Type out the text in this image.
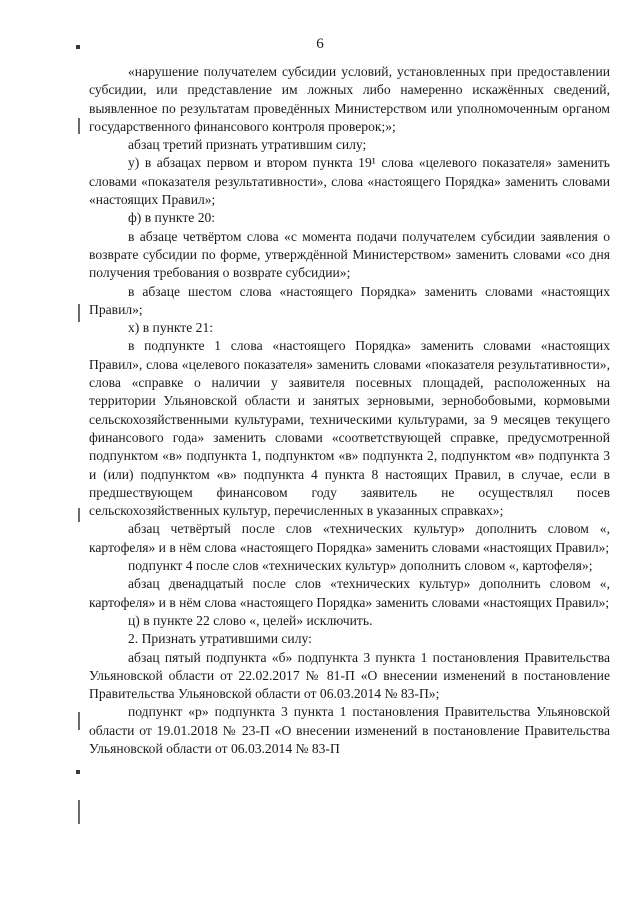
6

«нарушение получателем субсидии условий, установленных при предоставлении субсидии, или представление им ложных либо намеренно искажённых сведений, выявленное по результатам проведённых Министерством или уполномоченным органом государственного финансового контроля проверок;»;

абзац третий признать утратившим силу;

у) в абзацах первом и втором пункта 19¹ слова «целевого показателя» заменить словами «показателя результативности», слова «настоящего Порядка» заменить словами «настоящих Правил»;

ф) в пункте 20:

в абзаце четвёртом слова «с момента подачи получателем субсидии заявления о возврате субсидии по форме, утверждённой Министерством» заменить словами «со дня получения требования о возврате субсидии»;

в абзаце шестом слова «настоящего Порядка» заменить словами «настоящих Правил»;

х) в пункте 21:

в подпункте 1 слова «настоящего Порядка» заменить словами «настоящих Правил», слова «целевого показателя» заменить словами «показателя результативности», слова «справке о наличии у заявителя посевных площадей, расположенных на территории Ульяновской области и занятых зерновыми, зернобобовыми, кормовыми сельскохозяйственными культурами, техническими культурами, за 9 месяцев текущего финансового года» заменить словами «соответствующей справке, предусмотренной подпунктом «в» подпункта 1, подпунктом «в» подпункта 2, подпунктом «в» подпункта 3 и (или) подпунктом «в» подпункта 4 пункта 8 настоящих Правил, в случае, если в предшествующем финансовом году заявитель не осуществлял посев сельскохозяйственных культур, перечисленных в указанных справках»;

абзац четвёртый после слов «технических культур» дополнить словом «, картофеля» и в нём слова «настоящего Порядка» заменить словами «настоящих Правил»;

подпункт 4 после слов «технических культур» дополнить словом «, картофеля»;

абзац двенадцатый после слов «технических культур» дополнить словом «, картофеля» и в нём слова «настоящего Порядка» заменить словами «настоящих Правил»;

ц) в пункте 22 слово «, целей» исключить.

2. Признать утратившими силу:

абзац пятый подпункта «б» подпункта 3 пункта 1 постановления Правительства Ульяновской области от 22.02.2017 № 81-П «О внесении изменений в постановление Правительства Ульяновской области от 06.03.2014 № 83-П»;

подпункт «р» подпункта 3 пункта 1 постановления Правительства Ульяновской области от 19.01.2018 № 23-П «О внесении изменений в постановление Правительства Ульяновской области от 06.03.2014 № 83-П
